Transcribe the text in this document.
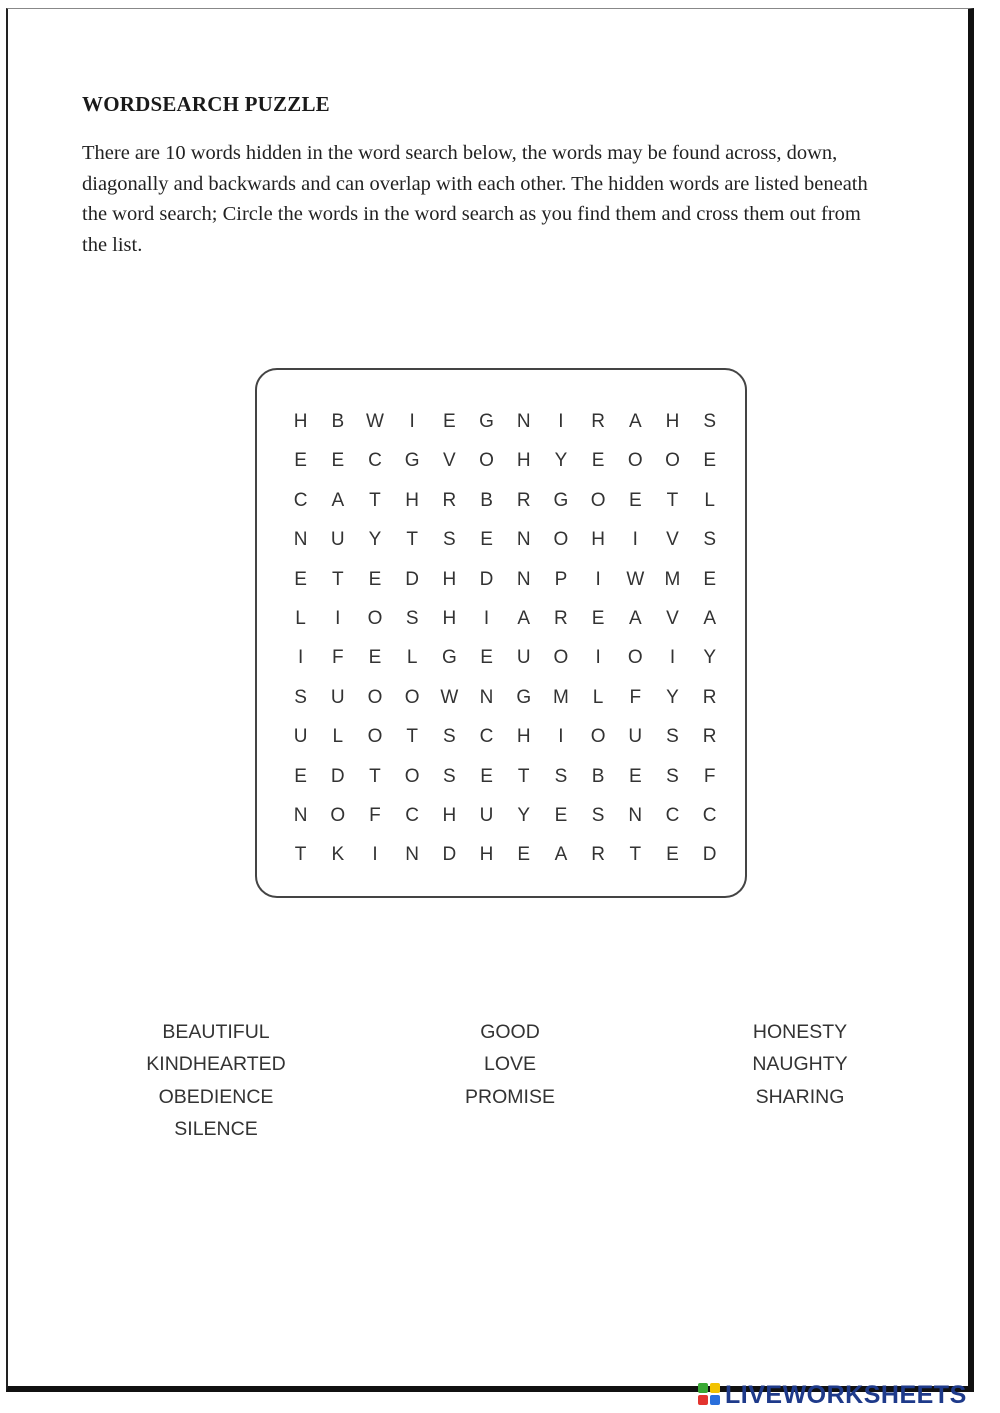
WORDSEARCH PUZZLE
There are 10 words hidden in the word search below, the words may be found across, down, diagonally and backwards and can overlap with each other. The hidden words are listed beneath the word search; Circle the words in the word search as you find them and cross them out from the list.
H	B	W	I	E	G	N	I	R	A	H	S
E	E	C	G	V	O	H	Y	E	O	O	E
C	A	T	H	R	B	R	G	O	E	T	L
N	U	Y	T	S	E	N	O	H	I	V	S
E	T	E	D	H	D	N	P	I	W	M	E
L	I	O	S	H	I	A	R	E	A	V	A
I	F	E	L	G	E	U	O	I	O	I	Y
S	U	O	O	W	N	G	M	L	F	Y	R
U	L	O	T	S	C	H	I	O	U	S	R
E	D	T	O	S	E	T	S	B	E	S	F
N	O	F	C	H	U	Y	E	S	N	C	C
T	K	I	N	D	H	E	A	R	T	E	D
BEAUTIFUL
KINDHEARTED
OBEDIENCE
SILENCE
GOOD
LOVE
PROMISE
HONESTY
NAUGHTY
SHARING
LIVEWORKSHEETS
